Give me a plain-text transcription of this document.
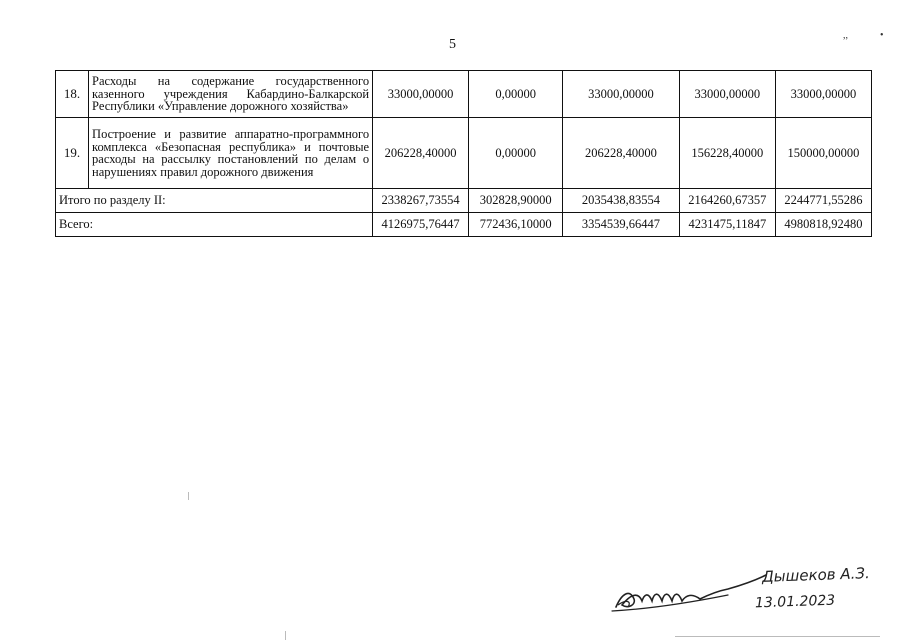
5
,,	•
18.	Расходы на содержание государственного казенного учреждения Кабардино-Балкарской Республики «Управление дорожного хозяйства»	33000,00000	0,00000	33000,00000	33000,00000	33000,00000
19.	Построение и развитие аппаратно-программного комплекса «Безопасная республика» и почтовые расходы на рассылку постановлений по делам о нарушениях правил дорожного движения	206228,40000	0,00000	206228,40000	156228,40000	150000,00000
Итого по разделу II:		2338267,73554	302828,90000	2035438,83554	2164260,67357	2244771,55286
Всего:		4126975,76447	772436,10000	3354539,66447	4231475,11847	4980818,92480
Дышеков А.З.
13.01.2023
